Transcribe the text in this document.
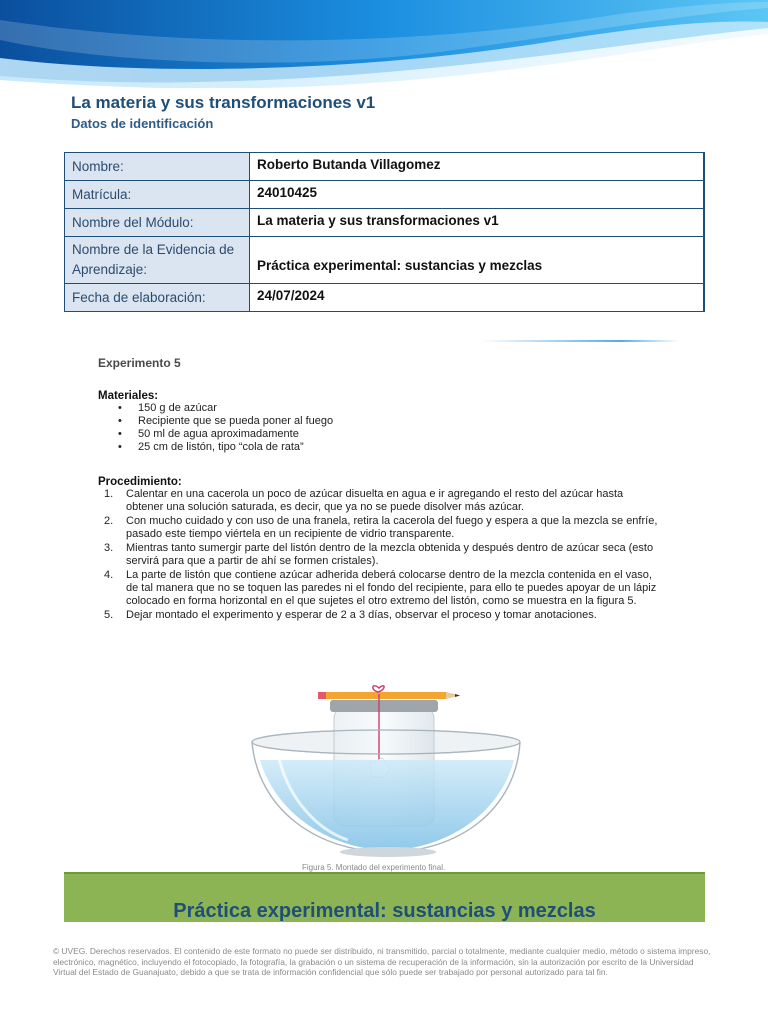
La materia y sus transformaciones v1
Datos de identificación
Nombre:	Roberto Butanda Villagomez
Matrícula:	24010425
Nombre del Módulo:	La materia y sus transformaciones v1

Nombre de la Evidencia de
Aprendizaje:	Práctica experimental: sustancias y mezclas
Fecha de elaboración:	24/07/2024
Experimento 5
Materiales:
• 150 g de azúcar
• Recipiente que se pueda poner al fuego
• 50 ml de agua aproximadamente
• 25 cm de listón, tipo “cola de rata”
Procedimiento:
1. Calentar en una cacerola un poco de azúcar disuelta en agua e ir agregando el resto del azúcar hasta obtener una solución saturada, es decir, que ya no se puede disolver más azúcar.
2. Con mucho cuidado y con uso de una franela, retira la cacerola del fuego y espera a que la mezcla se enfríe, pasado este tiempo viértela en un recipiente de vidrio transparente.
3. Mientras tanto sumergir parte del listón dentro de la mezcla obtenida y después dentro de azúcar seca (esto servirá para que a partir de ahí se formen cristales).
4. La parte de listón que contiene azúcar adherida deberá colocarse dentro de la mezcla contenida en el vaso, de tal manera que no se toquen las paredes ni el fondo del recipiente, para ello te puedes apoyar de un lápiz colocado en forma horizontal en el que sujetes el otro extremo del listón, como se muestra en la figura 5.
5. Dejar montado el experimento y esperar de 2 a 3 días, observar el proceso y tomar anotaciones.
Figura 5. Montado del experimento final.
Práctica experimental: sustancias y mezclas
© UVEG. Derechos reservados. El contenido de este formato no puede ser distribuido, ni transmitido, parcial o totalmente, mediante cualquier medio, método o sistema impreso, electrónico, magnético, incluyendo el fotocopiado, la fotografía, la grabación o un sistema de recuperación de la información, sin la autorización por escrito de la Universidad Virtual del Estado de Guanajuato, debido a que se trata de información confidencial que sólo puede ser trabajado por personal autorizado para tal fin.
